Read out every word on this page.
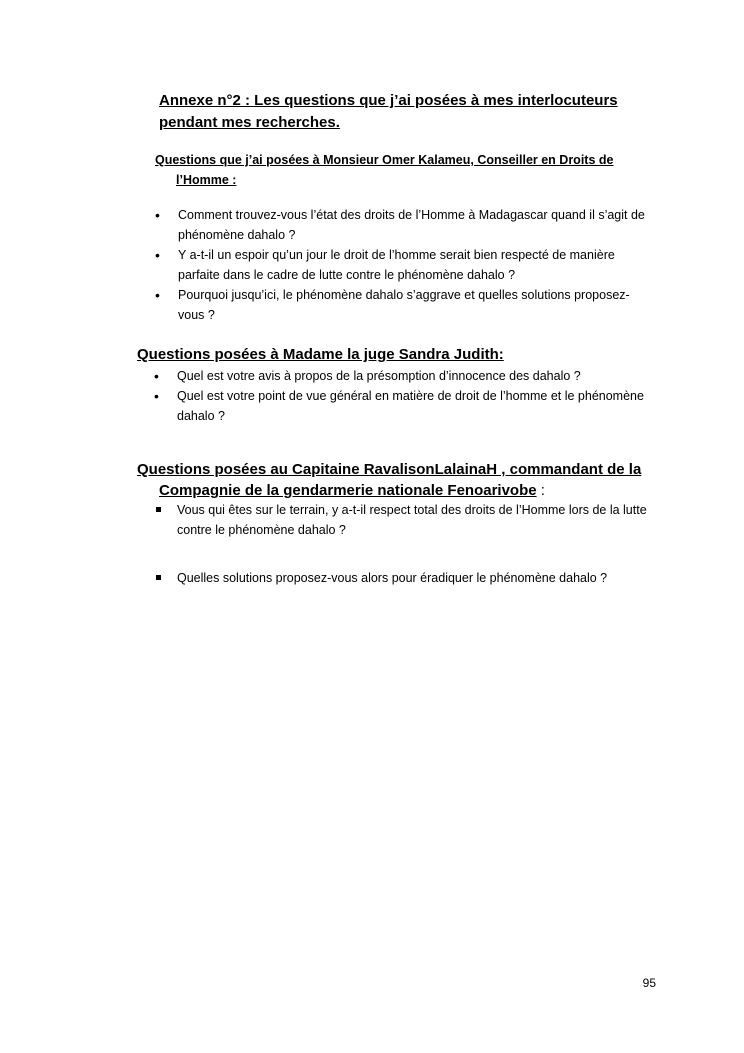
Annexe n°2 : Les questions que j’ai posées à mes interlocuteurs
pendant mes recherches.
Questions que j’ai posées à Monsieur Omer Kalameu, Conseiller en Droits de
l’Homme :
• Comment trouvez-vous l’état des droits de l’Homme à Madagascar quand il s’agit de phénomène dahalo ?
• Y a-t-il un espoir qu’un jour le droit de l’homme serait bien respecté de manière parfaite dans le cadre de lutte contre le phénomène dahalo ?
• Pourquoi jusqu’ici, le phénomène dahalo s’aggrave et quelles solutions proposez-vous ?
Questions posées à Madame la juge Sandra Judith:
• Quel est votre avis à propos de la présomption d’innocence des dahalo ?
• Quel est votre point de vue général en matière de droit de l’homme et le phénomène dahalo ?
Questions posées au Capitaine RavalisonLalainaH , commandant de la
Compagnie de la gendarmerie nationale Fenoarivobe :
Vous qui êtes sur le terrain, y a-t-il respect total des droits de l’Homme lors de la lutte contre le phénomène dahalo ?
Quelles solutions proposez-vous alors pour éradiquer le phénomène dahalo ?
95
